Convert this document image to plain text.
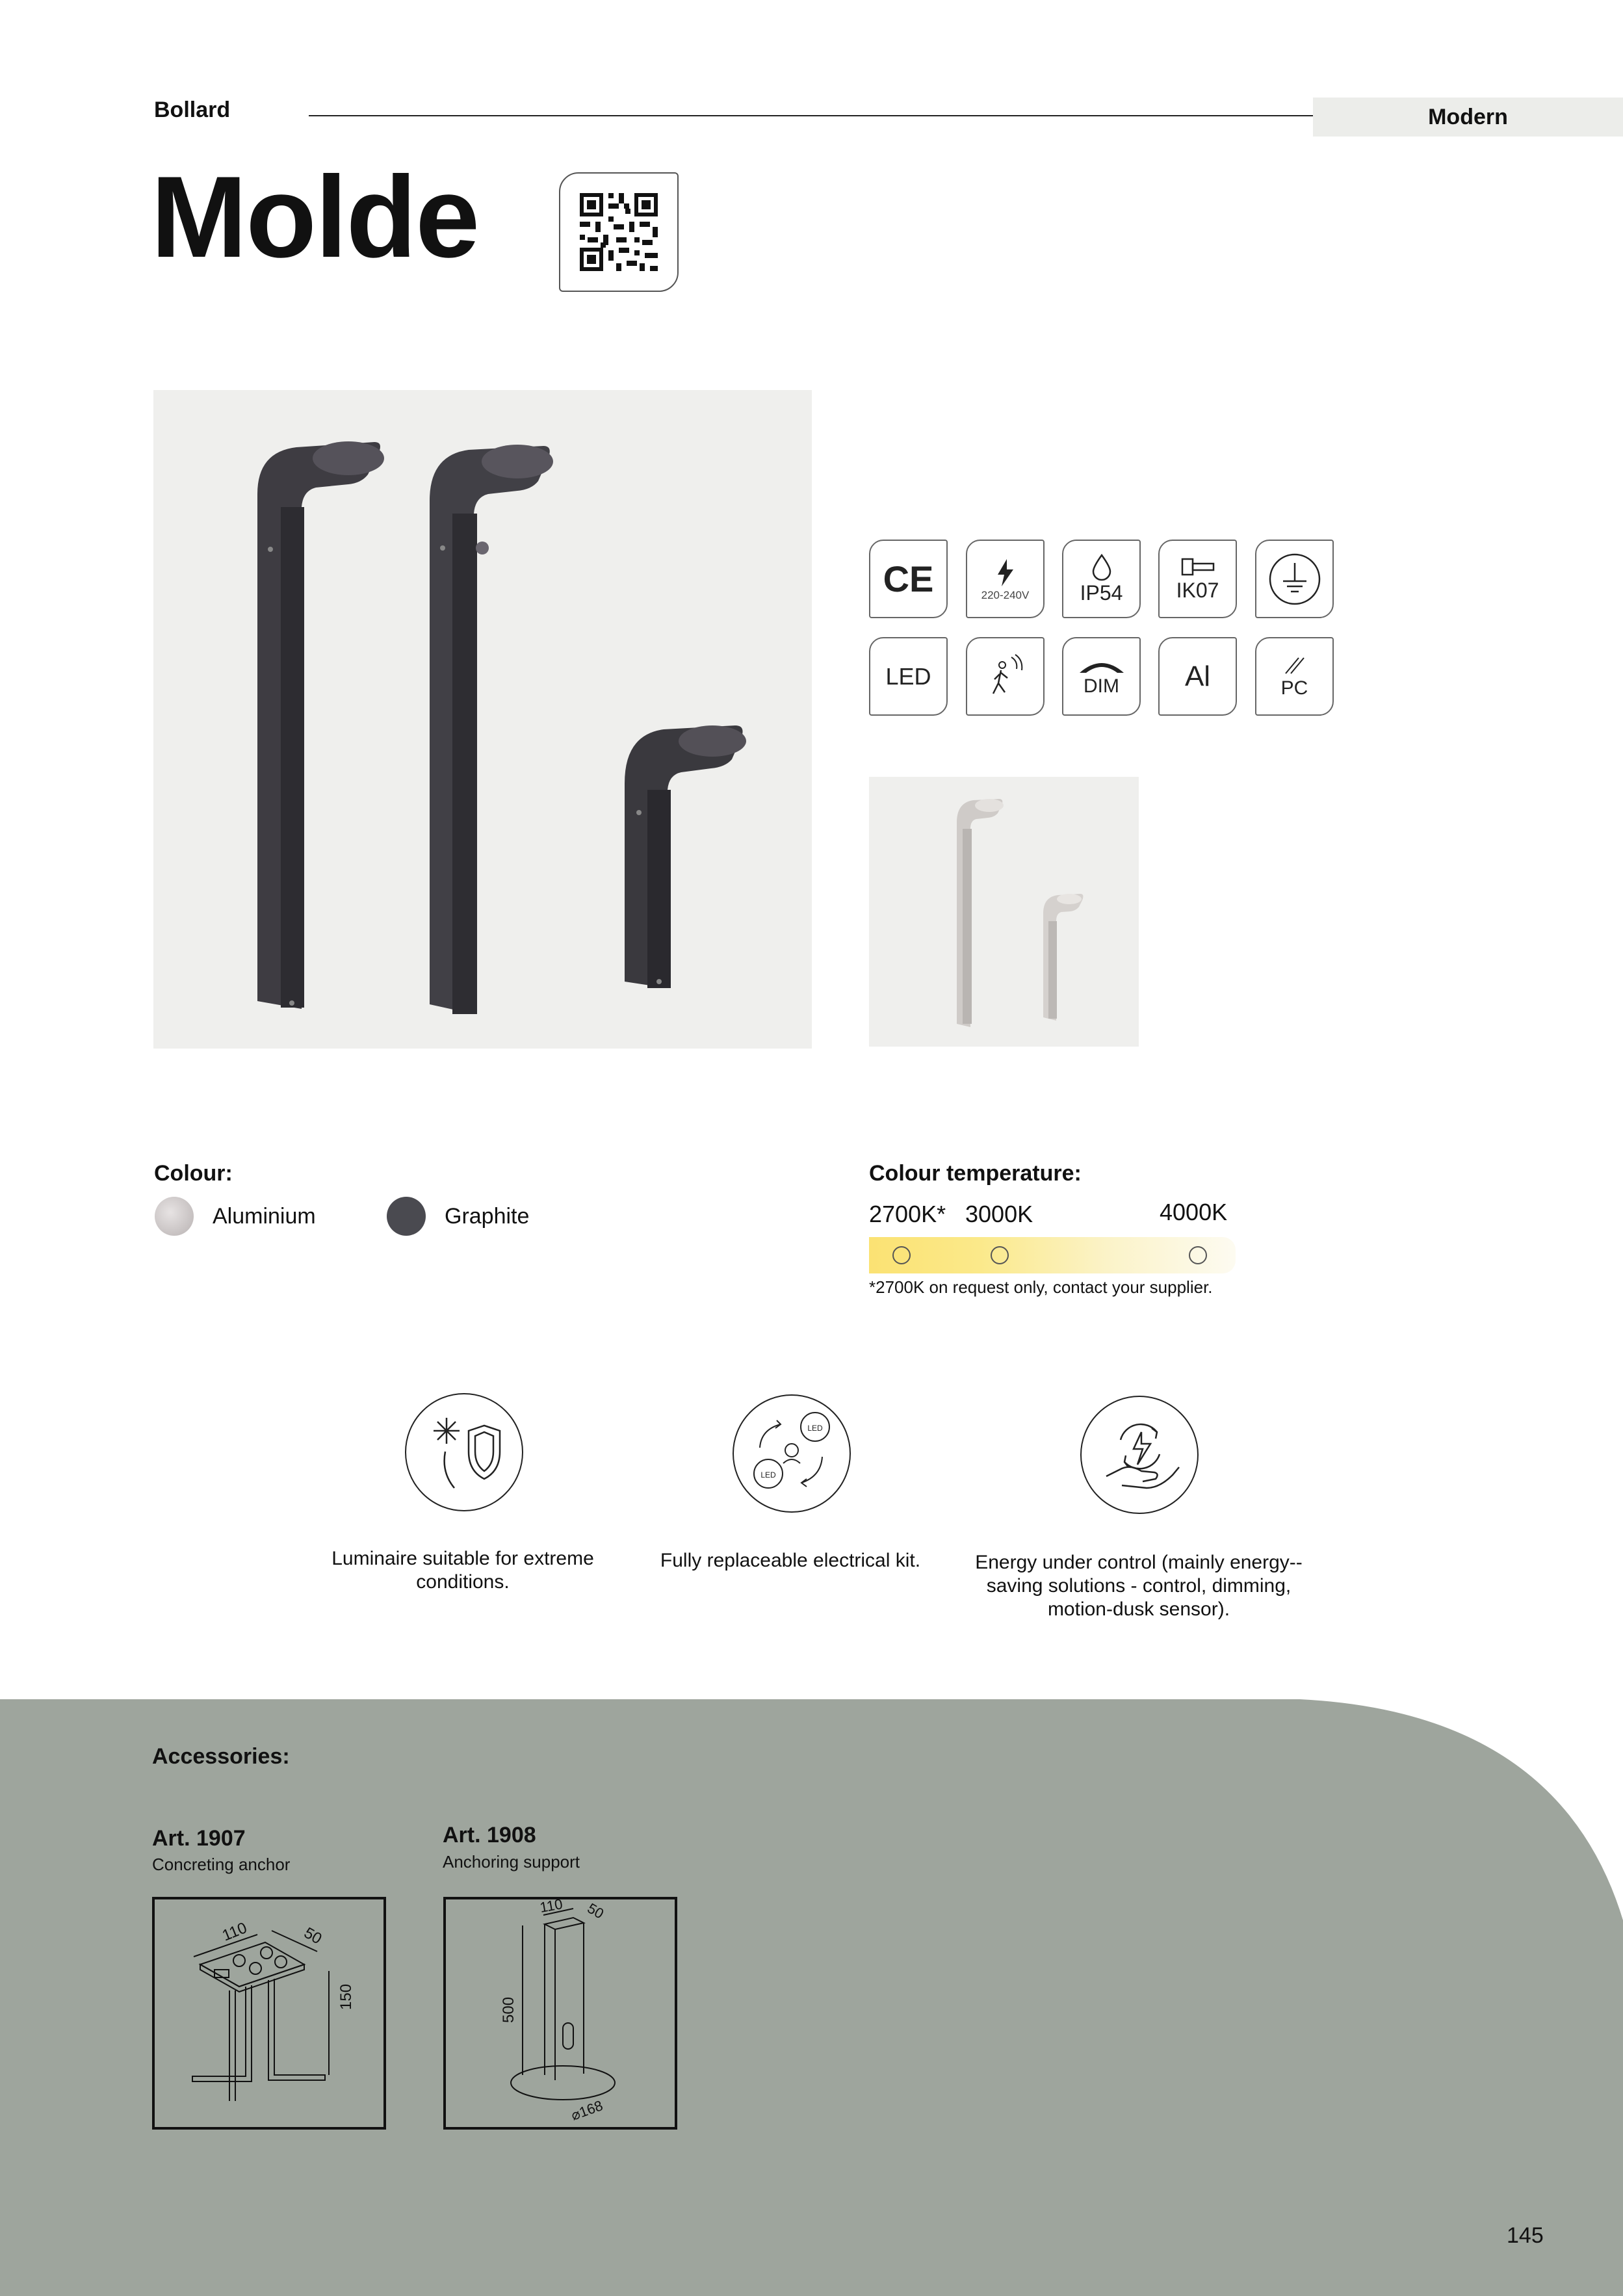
Bollard	Modern
Molde
CE	220-240V IP54	IK07
LED	DIM Al	PC
Colour:
Aluminium	Graphite
Colour temperature:
2700K* 3000K	4000K
*2700K on request only, contact your supplier.
LED
LED
Luminaire suitable for extreme conditions.
Fully replaceable electrical kit.	Energy under control (mainly energy--saving solutions - control, dimming, motion-dusk sensor).
Accessories:
Art. 1907
Concreting anchor
110	50
150
Art. 1908
Anchoring support
110 50
500
⌀168
145
